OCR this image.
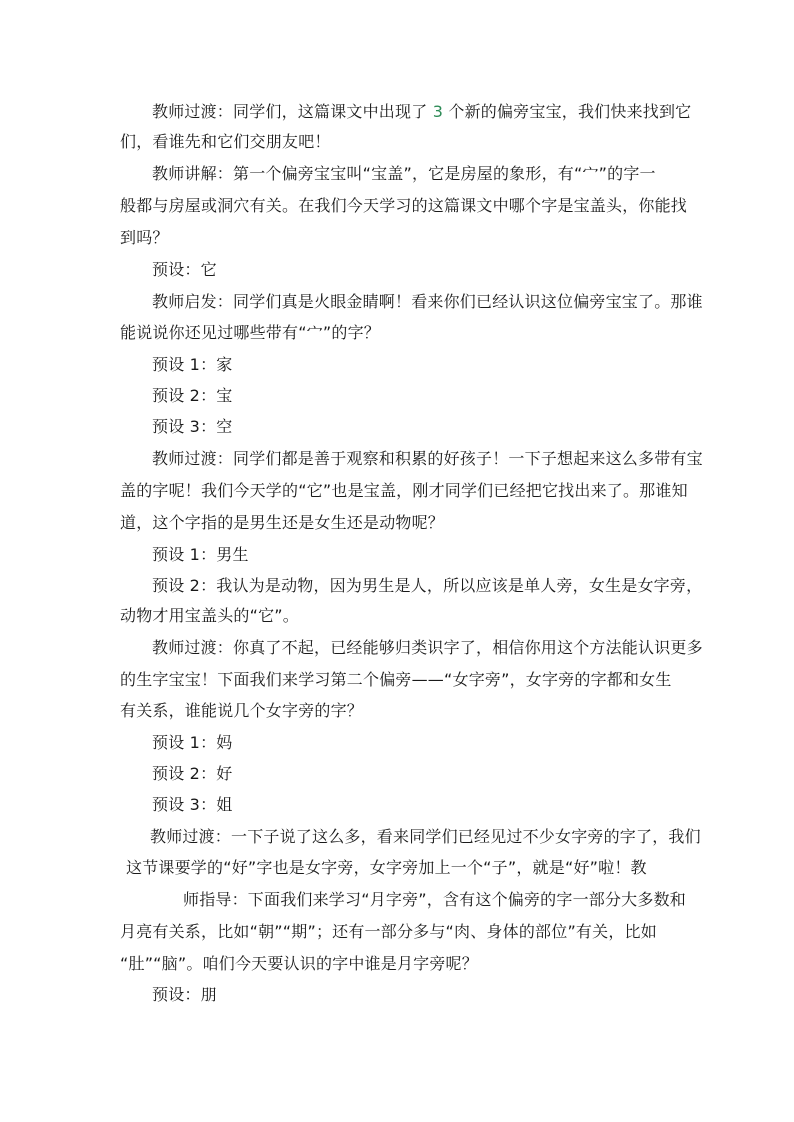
教师过渡：同学们，这篇课文中出现了 3 个新的偏旁宝宝，我们快来找到它
们，看谁先和它们交朋友吧！
教师讲解：第一个偏旁宝宝叫“宝盖”，它是房屋的象形，有“宀”的字一
般都与房屋或洞穴有关。在我们今天学习的这篇课文中哪个字是宝盖头，你能找
到吗？
预设：它
教师启发：同学们真是火眼金睛啊！看来你们已经认识这位偏旁宝宝了。那谁
能说说你还见过哪些带有“宀”的字？
预设 1：家
预设 2：宝
预设 3：空
教师过渡：同学们都是善于观察和积累的好孩子！一下子想起来这么多带有宝
盖的字呢！我们今天学的“它”也是宝盖，刚才同学们已经把它找出来了。那谁知
道，这个字指的是男生还是女生还是动物呢？
预设 1：男生
预设 2：我认为是动物，因为男生是人，所以应该是单人旁，女生是女字旁，
动物才用宝盖头的“它”。
教师过渡：你真了不起，已经能够归类识字了，相信你用这个方法能认识更多
的生字宝宝！下面我们来学习第二个偏旁——“女字旁”，女字旁的字都和女生
有关系，谁能说几个女字旁的字？
预设 1：妈
预设 2：好
预设 3：姐
教师过渡：一下子说了这么多，看来同学们已经见过不少女字旁的字了，我们
这节课要学的“好”字也是女字旁，女字旁加上一个“子”，就是“好”啦！教
师指导：下面我们来学习“月字旁”，含有这个偏旁的字一部分大多数和
月亮有关系，比如“朝”“期”；还有一部分多与“肉、身体的部位”有关，比如
“肚”“脑”。咱们今天要认识的字中谁是月字旁呢？
预设：朋
